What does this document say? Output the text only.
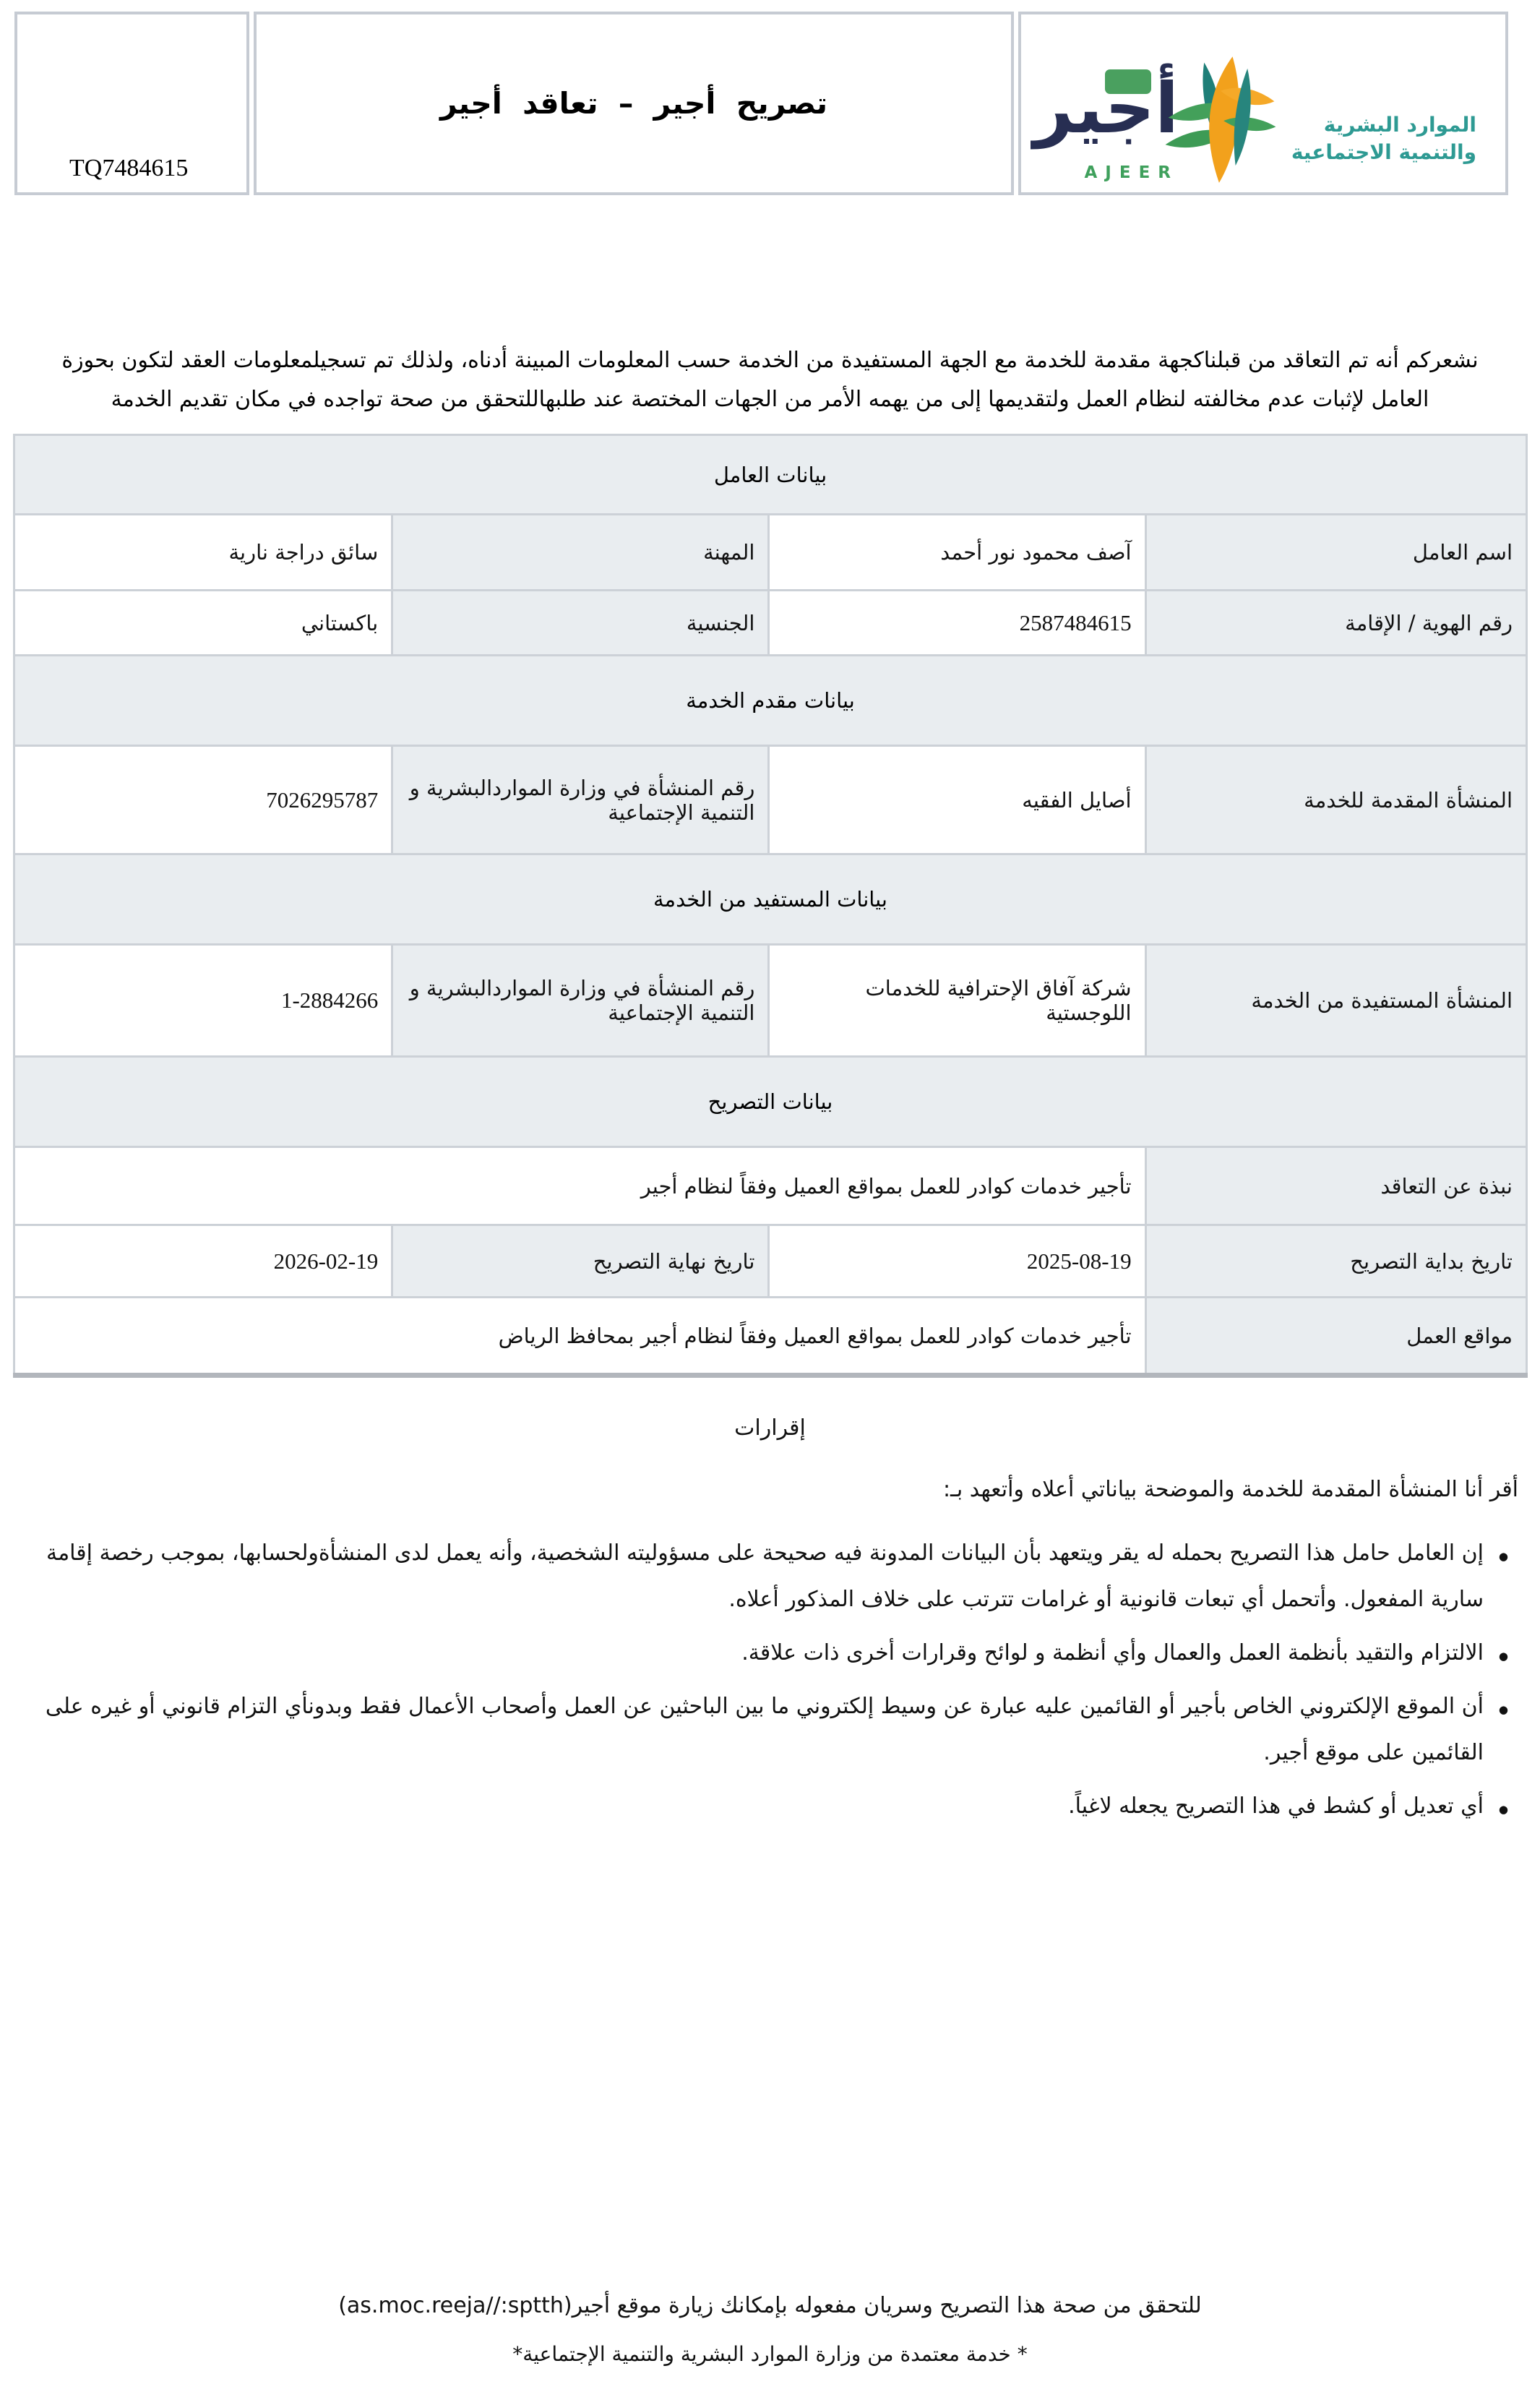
TQ7484615
تصريح أجير – تعاقد أجير	أجير
AJEER
الموارد البشرية
والتنمية الاجتماعية
نشعركم أنه تم التعاقد من قبلناكجهة مقدمة للخدمة مع الجهة المستفيدة من الخدمة حسب المعلومات المبينة أدناه، ولذلك تم تسجيلمعلومات العقد لتكون بحوزة
العامل لإثبات عدم مخالفته لنظام العمل ولتقديمها إلى من يهمه الأمر من الجهات المختصة عند طلبهاللتحقق من صحة تواجده في مكان تقديم الخدمة
بيانات العامل			
اسم العامل	آصف محمود نور أحمد	المهنة	سائق دراجة نارية
رقم الهوية / الإقامة	2587484615	الجنسية	باكستاني
بيانات مقدم الخدمة			
المنشأة المقدمة للخدمة	أصايل الفقيه	رقم المنشأة في وزارة المواردالبشرية و التنمية الإجتماعية	7026295787
بيانات المستفيد من الخدمة			
المنشأة المستفيدة من الخدمة	شركة آفاق الإحترافية للخدمات اللوجستية	رقم المنشأة في وزارة المواردالبشرية و التنمية الإجتماعية	1-2884266
بيانات التصريح			
نبذة عن التعاقد	تأجير خدمات كوادر للعمل بمواقع العميل وفقاً لنظام أجير		
تاريخ بداية التصريح	2025-08-19	تاريخ نهاية التصريح	2026-02-19
مواقع العمل	تأجير خدمات كوادر للعمل بمواقع العميل وفقاً لنظام أجير بمحافظ الرياض		
إقرارات
أقر أنا المنشأة المقدمة للخدمة والموضحة بياناتي أعلاه وأتعهد بـ:
● إن العامل حامل هذا التصريح بحمله له يقر ويتعهد بأن البيانات المدونة فيه صحيحة على مسؤوليته الشخصية، وأنه يعمل لدى المنشأةولحسابها، بموجب رخصة إقامة سارية المفعول. وأتحمل أي تبعات قانونية أو غرامات تترتب على خلاف المذكور أعلاه.
● الالتزام والتقيد بأنظمة العمل والعمال وأي أنظمة و لوائح وقرارات أخرى ذات علاقة.
● أن الموقع الإلكتروني الخاص بأجير أو القائمين عليه عبارة عن وسيط إلكتروني ما بين الباحثين عن العمل وأصحاب الأعمال فقط وبدونأي التزام قانوني أو غيره على القائمين على موقع أجير.
● أي تعديل أو كشط في هذا التصريح يجعله لاغياً.
للتحقق من صحة هذا التصريح وسريان مفعوله بإمكانك زيارة موقع أجير(as.moc.reeja//:sptth)
* خدمة معتمدة من وزارة الموارد البشرية والتنمية الإجتماعية*
